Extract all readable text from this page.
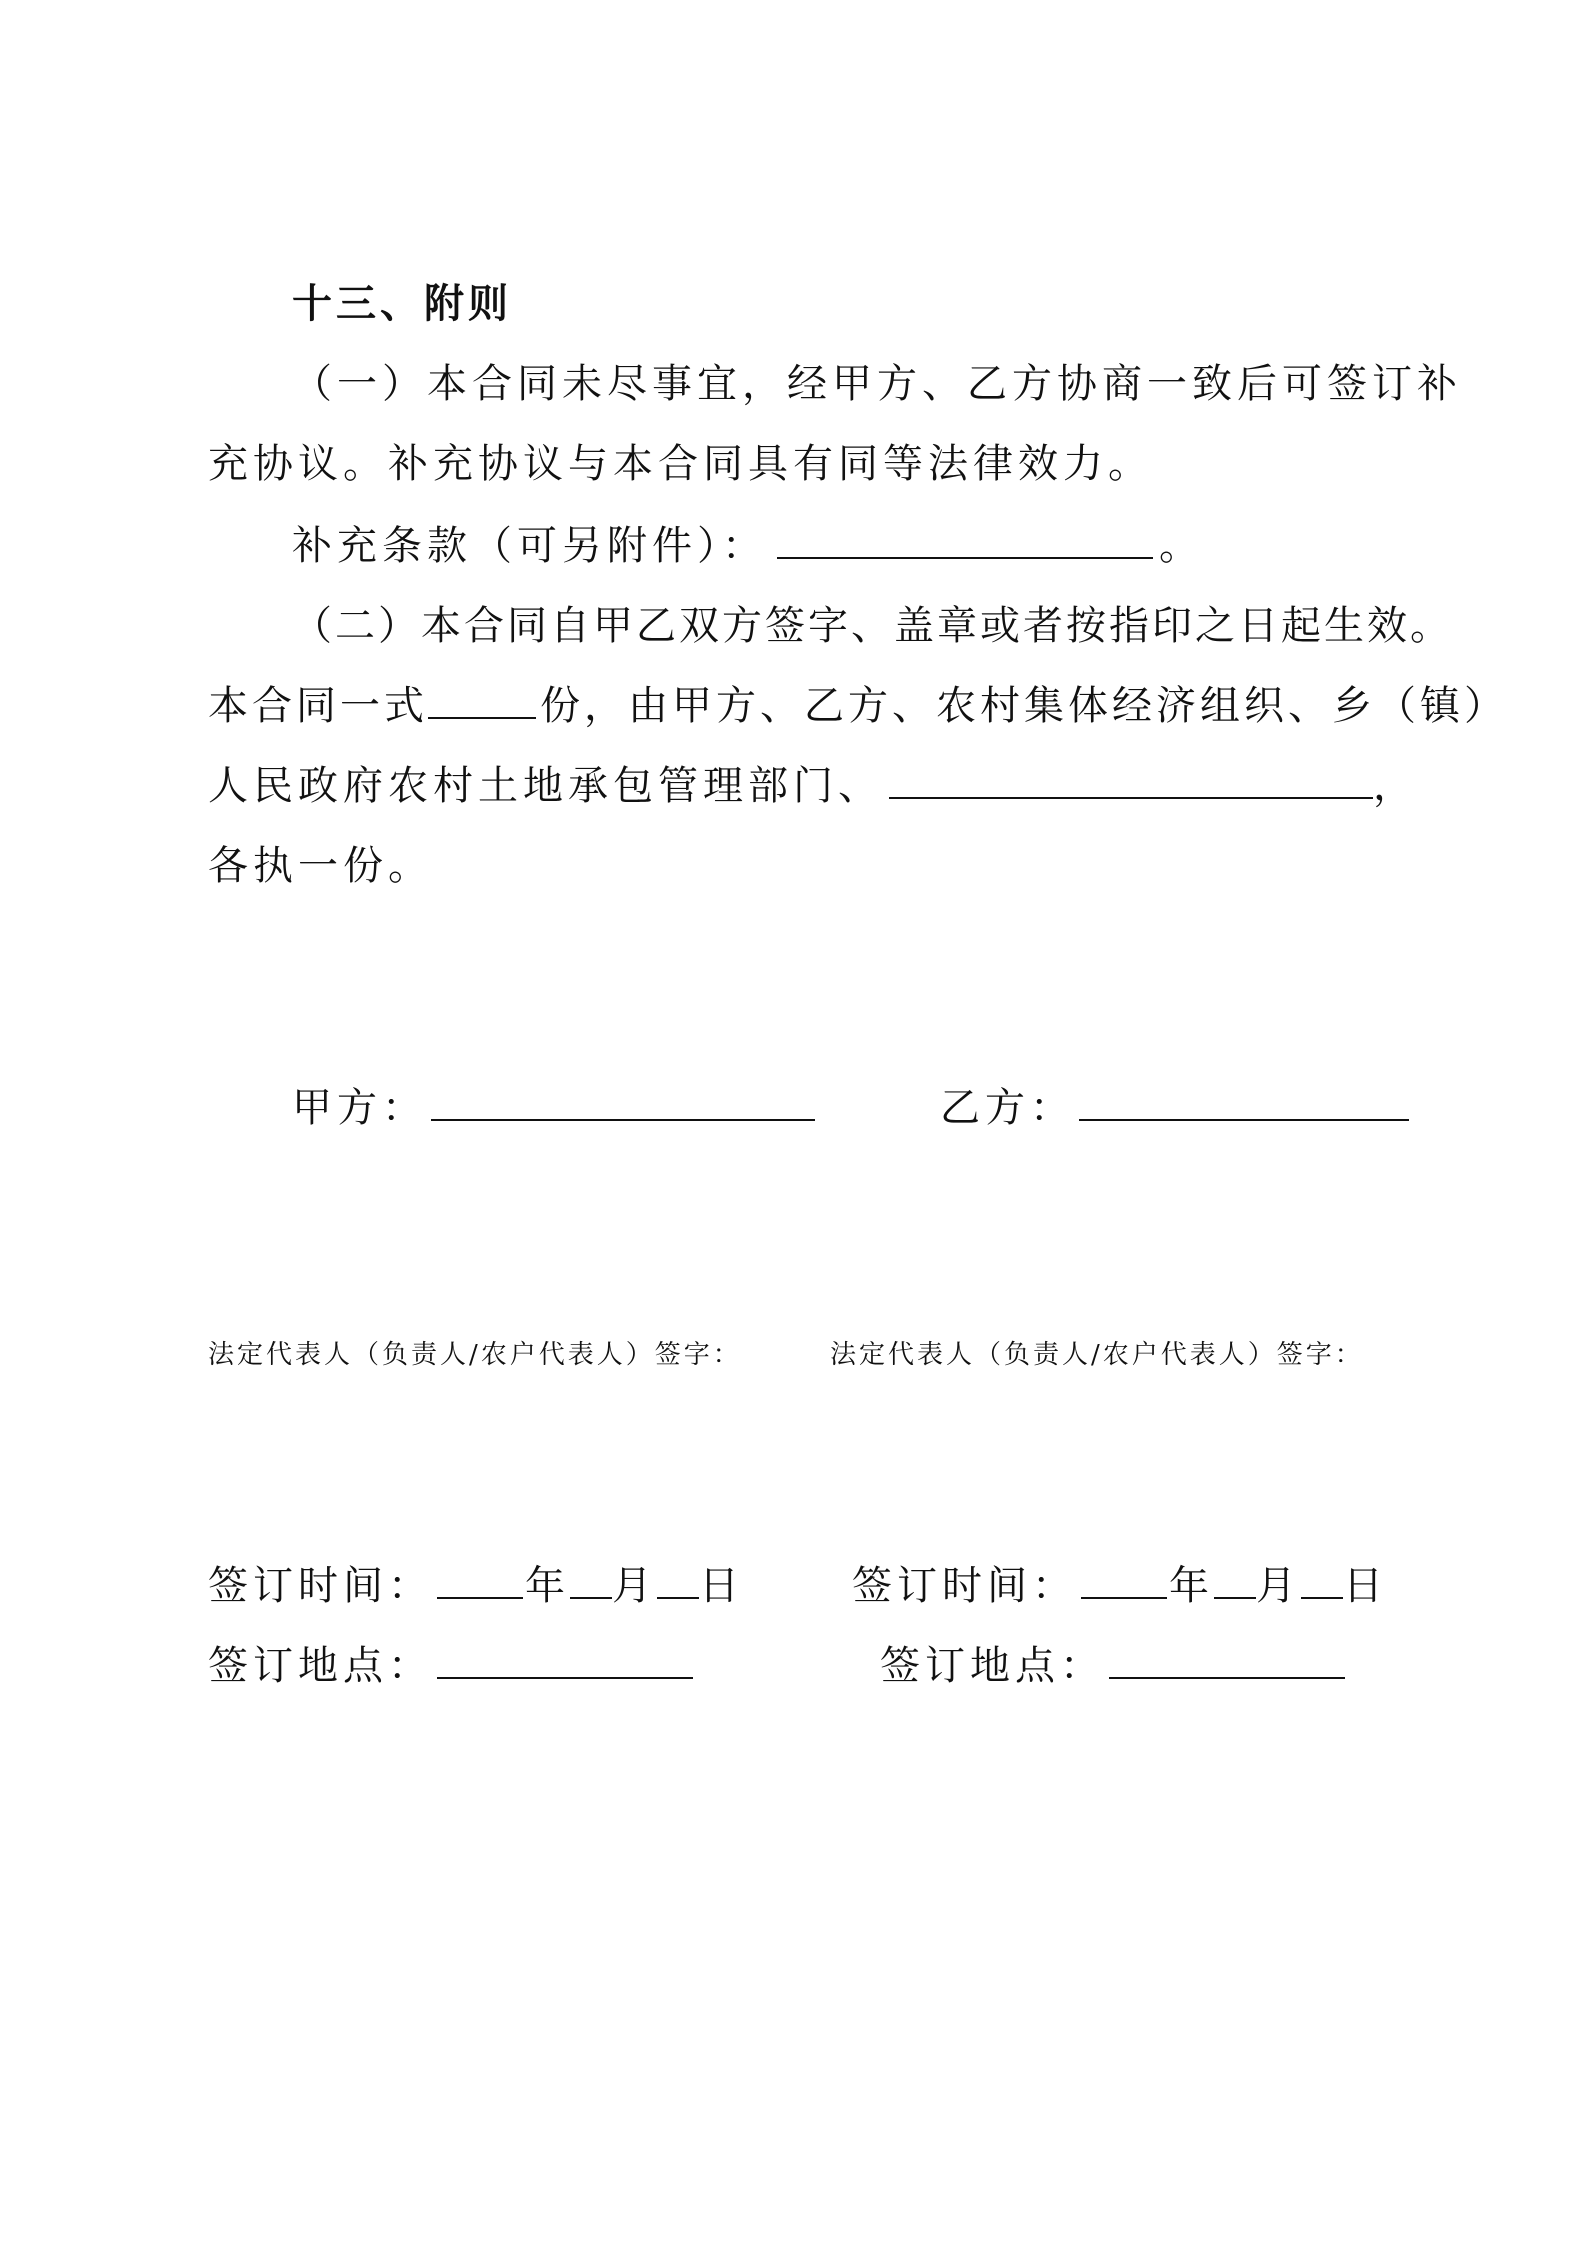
十三、附则
（一）本合同未尽事宜，经甲方、乙方协商一致后可签订补
充协议。补充协议与本合同具有同等法律效力。
补充条款（可另附件）：	。
（二）本合同自甲乙双方签字、盖章或者按指印之日起生效。
本合同一式	份，由甲方、乙方、农村集体经济组织、乡（镇）
人民政府农村土地承包管理部门、	，
各执一份。
甲方：	乙方：
法定代表人（负责人/农户代表人）签字：	法定代表人（负责人/农户代表人）签字：
签订时间： 年 月 日	签订时间： 年 月 日
签订地点：	签订地点：
